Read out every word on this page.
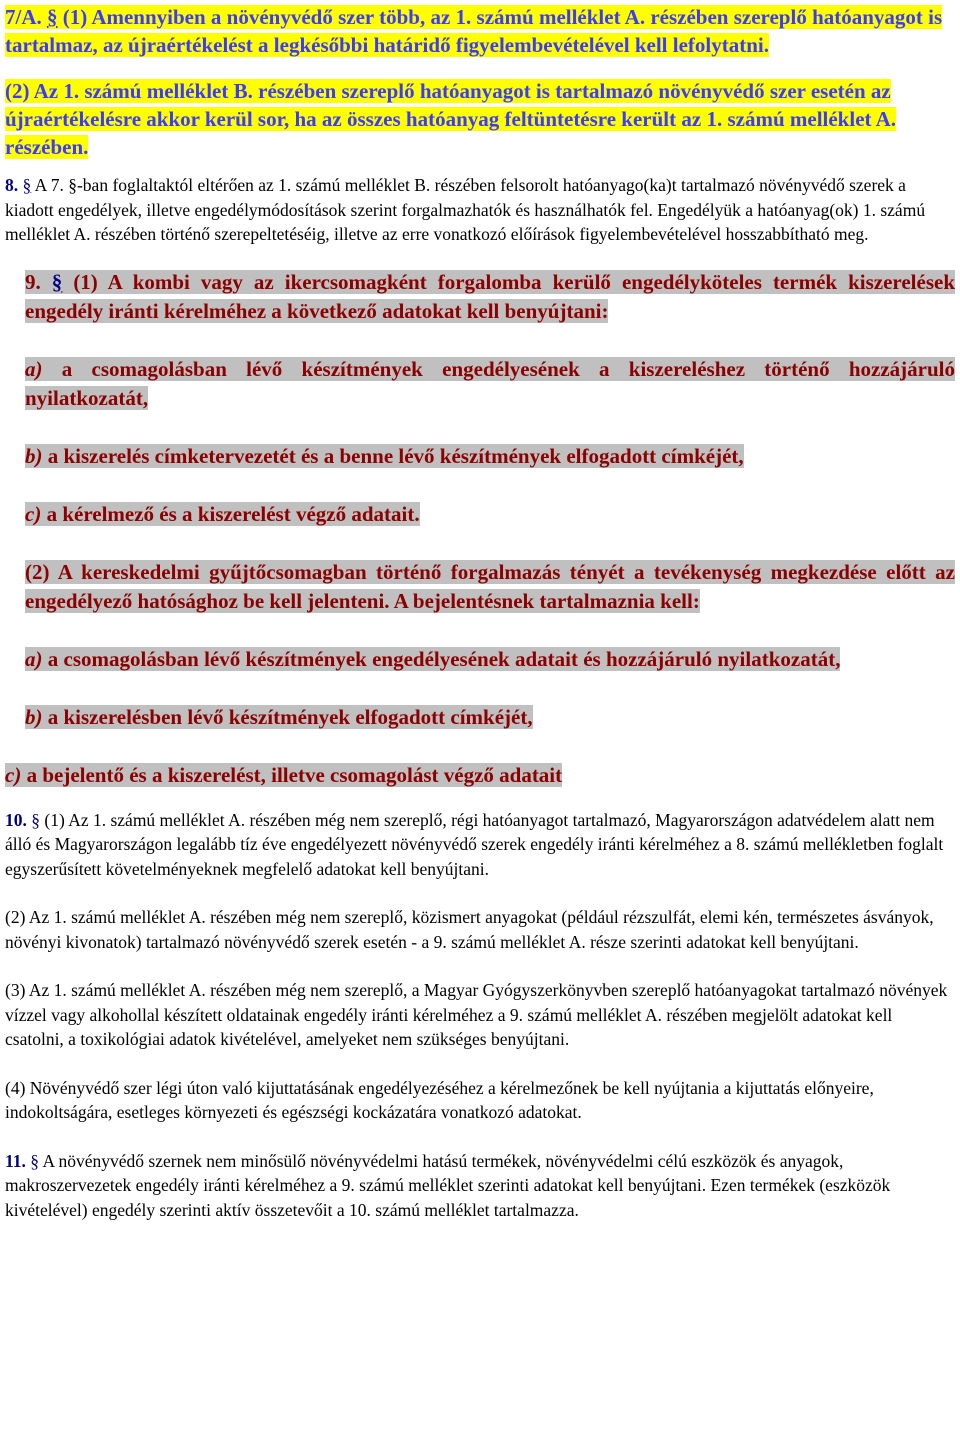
7/A. § (1) Amennyiben a növényvédő szer több, az 1. számú melléklet A. részében szereplő hatóanyagot is tartalmaz, az újraértékelést a legkésőbbi határidő figyelembevételével kell lefolytatni.

(2) Az 1. számú melléklet B. részében szereplő hatóanyagot is tartalmazó növényvédő szer esetén az újraértékelésre akkor kerül sor, ha az összes hatóanyag feltüntetésre került az 1. számú melléklet A. részében.

8. § A 7. §-ban foglaltaktól eltérően az 1. számú melléklet B. részében felsorolt hatóanyago(ka)t tartalmazó növényvédő szerek a kiadott engedélyek, illetve engedélymódosítások szerint forgalmazhatók és használhatók fel. Engedélyük a hatóanyag(ok) 1. számú melléklet A. részében történő szerepeltetéséig, illetve az erre vonatkozó előírások figyelembevételével hosszabbítható meg.

9. § (1) A kombi vagy az ikercsomagként forgalomba kerülő engedélyköteles termék kiszerelések engedély iránti kérelméhez a következő adatokat kell benyújtani:

a) a csomagolásban lévő készítmények engedélyesének a kiszereléshez történő hozzájáruló nyilatkozatát,

b) a kiszerelés címketervezetét és a benne lévő készítmények elfogadott címkéjét,

c) a kérelmező és a kiszerelést végző adatait.

(2) A kereskedelmi gyűjtőcsomagban történő forgalmazás tényét a tevékenység megkezdése előtt az engedélyező hatósághoz be kell jelenteni. A bejelentésnek tartalmaznia kell:

a) a csomagolásban lévő készítmények engedélyesének adatait és hozzájáruló nyilatkozatát,

b) a kiszerelésben lévő készítmények elfogadott címkéjét,

c) a bejelentő és a kiszerelést, illetve csomagolást végző adatait

10. § (1) Az 1. számú melléklet A. részében még nem szereplő, régi hatóanyagot tartalmazó, Magyarországon adatvédelem alatt nem álló és Magyarországon legalább tíz éve engedélyezett növényvédő szerek engedély iránti kérelméhez a 8. számú mellékletben foglalt egyszerűsített követelményeknek megfelelő adatokat kell benyújtani.

(2) Az 1. számú melléklet A. részében még nem szereplő, közismert anyagokat (például rézszulfát, elemi kén, természetes ásványok, növényi kivonatok) tartalmazó növényvédő szerek esetén - a 9. számú melléklet A. része szerinti adatokat kell benyújtani.

(3) Az 1. számú melléklet A. részében még nem szereplő, a Magyar Gyógyszerkönyvben szereplő hatóanyagokat tartalmazó növények vízzel vagy alkohollal készített oldatainak engedély iránti kérelméhez a 9. számú melléklet A. részében megjelölt adatokat kell csatolni, a toxikológiai adatok kivételével, amelyeket nem szükséges benyújtani.

(4) Növényvédő szer légi úton való kijuttatásának engedélyezéséhez a kérelmezőnek be kell nyújtania a kijuttatás előnyeire, indokoltságára, esetleges környezeti és egészségi kockázatára vonatkozó adatokat.

11. § A növényvédő szernek nem minősülő növényvédelmi hatású termékek, növényvédelmi célú eszközök és anyagok, makroszervezetek engedély iránti kérelméhez a 9. számú melléklet szerinti adatokat kell benyújtani. Ezen termékek (eszközök kivételével) engedély szerinti aktív összetevőit a 10. számú melléklet tartalmazza.
